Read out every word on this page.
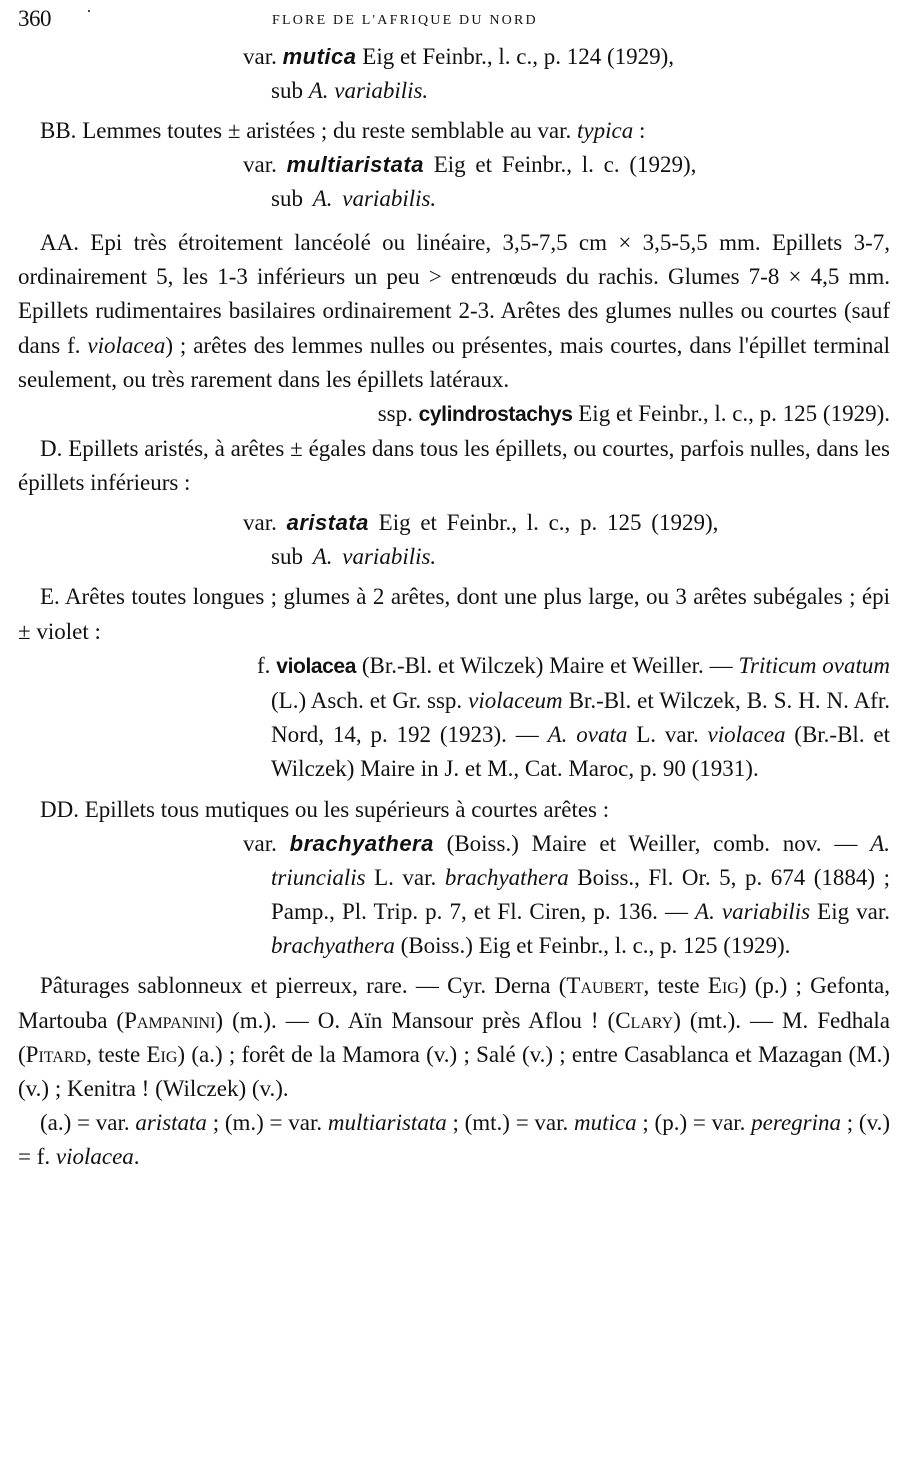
360	FLORE DE L'AFRIQUE DU NORD
var. mutica Eig et Feinbr., l. c., p. 124 (1929),
sub A. variabilis.
BB. Lemmes toutes ± aristées ; du reste semblable au var. typica :
var. multiaristata Eig et Feinbr., l. c. (1929),
sub A. variabilis.
AA. Epi très étroitement lancéolé ou linéaire, 3,5-7,5 cm × 3,5-5,5 mm. Epillets 3-7, ordinairement 5, les 1-3 inférieurs un peu > entrenœuds du rachis. Glumes 7-8 × 4,5 mm. Epillets rudimentaires basilaires ordinairement 2-3. Arêtes des glumes nulles ou courtes (sauf dans f. violacea) ; arêtes des lemmes nulles ou présentes, mais courtes, dans l'épillet terminal seulement, ou très rarement dans les épillets latéraux.
ssp. cylindrostachys Eig et Feinbr., l. c., p. 125 (1929).
D. Epillets aristés, à arêtes ± égales dans tous les épillets, ou courtes, parfois nulles, dans les épillets inférieurs :
var. aristata Eig et Feinbr., l. c., p. 125 (1929),
sub A. variabilis.
E. Arêtes toutes longues ; glumes à 2 arêtes, dont une plus large, ou 3 arêtes subégales ; épi ± violet :
f. violacea (Br.-Bl. et Wilczek) Maire et Weiller. — Triticum ovatum (L.) Asch. et Gr. ssp. violaceum Br.-Bl. et Wilczek, B. S. H. N. Afr. Nord, 14, p. 192 (1923). — A. ovata L. var. violacea (Br.-Bl. et Wilczek) Maire in J. et M., Cat. Maroc, p. 90 (1931).
DD. Epillets tous mutiques ou les supérieurs à courtes arêtes :
var. brachyathera (Boiss.) Maire et Weiller, comb. nov. — A. triuncialis L. var. brachyathera Boiss., Fl. Or. 5, p. 674 (1884) ; Pamp., Pl. Trip. p. 7, et Fl. Ciren, p. 136. — A. variabilis Eig var. brachyathera (Boiss.) Eig et Feinbr., l. c., p. 125 (1929).
Pâturages sablonneux et pierreux, rare. — Cyr. Derna (Taubert, teste Eig) (p.) ; Gefonta, Martouba (Pampanini) (m.). — O. Aïn Mansour près Aflou ! (Clary) (mt.). — M. Fedhala (Pitard, teste Eig) (a.) ; forêt de la Mamora (v.) ; Salé (v.) ; entre Casablanca et Mazagan (M.) (v.) ; Kenitra ! (Wilczek) (v.).
(a.) = var. aristata ; (m.) = var. multiaristata ; (mt.) = var. mutica ; (p.) = var. peregrina ; (v.) = f. violacea.
